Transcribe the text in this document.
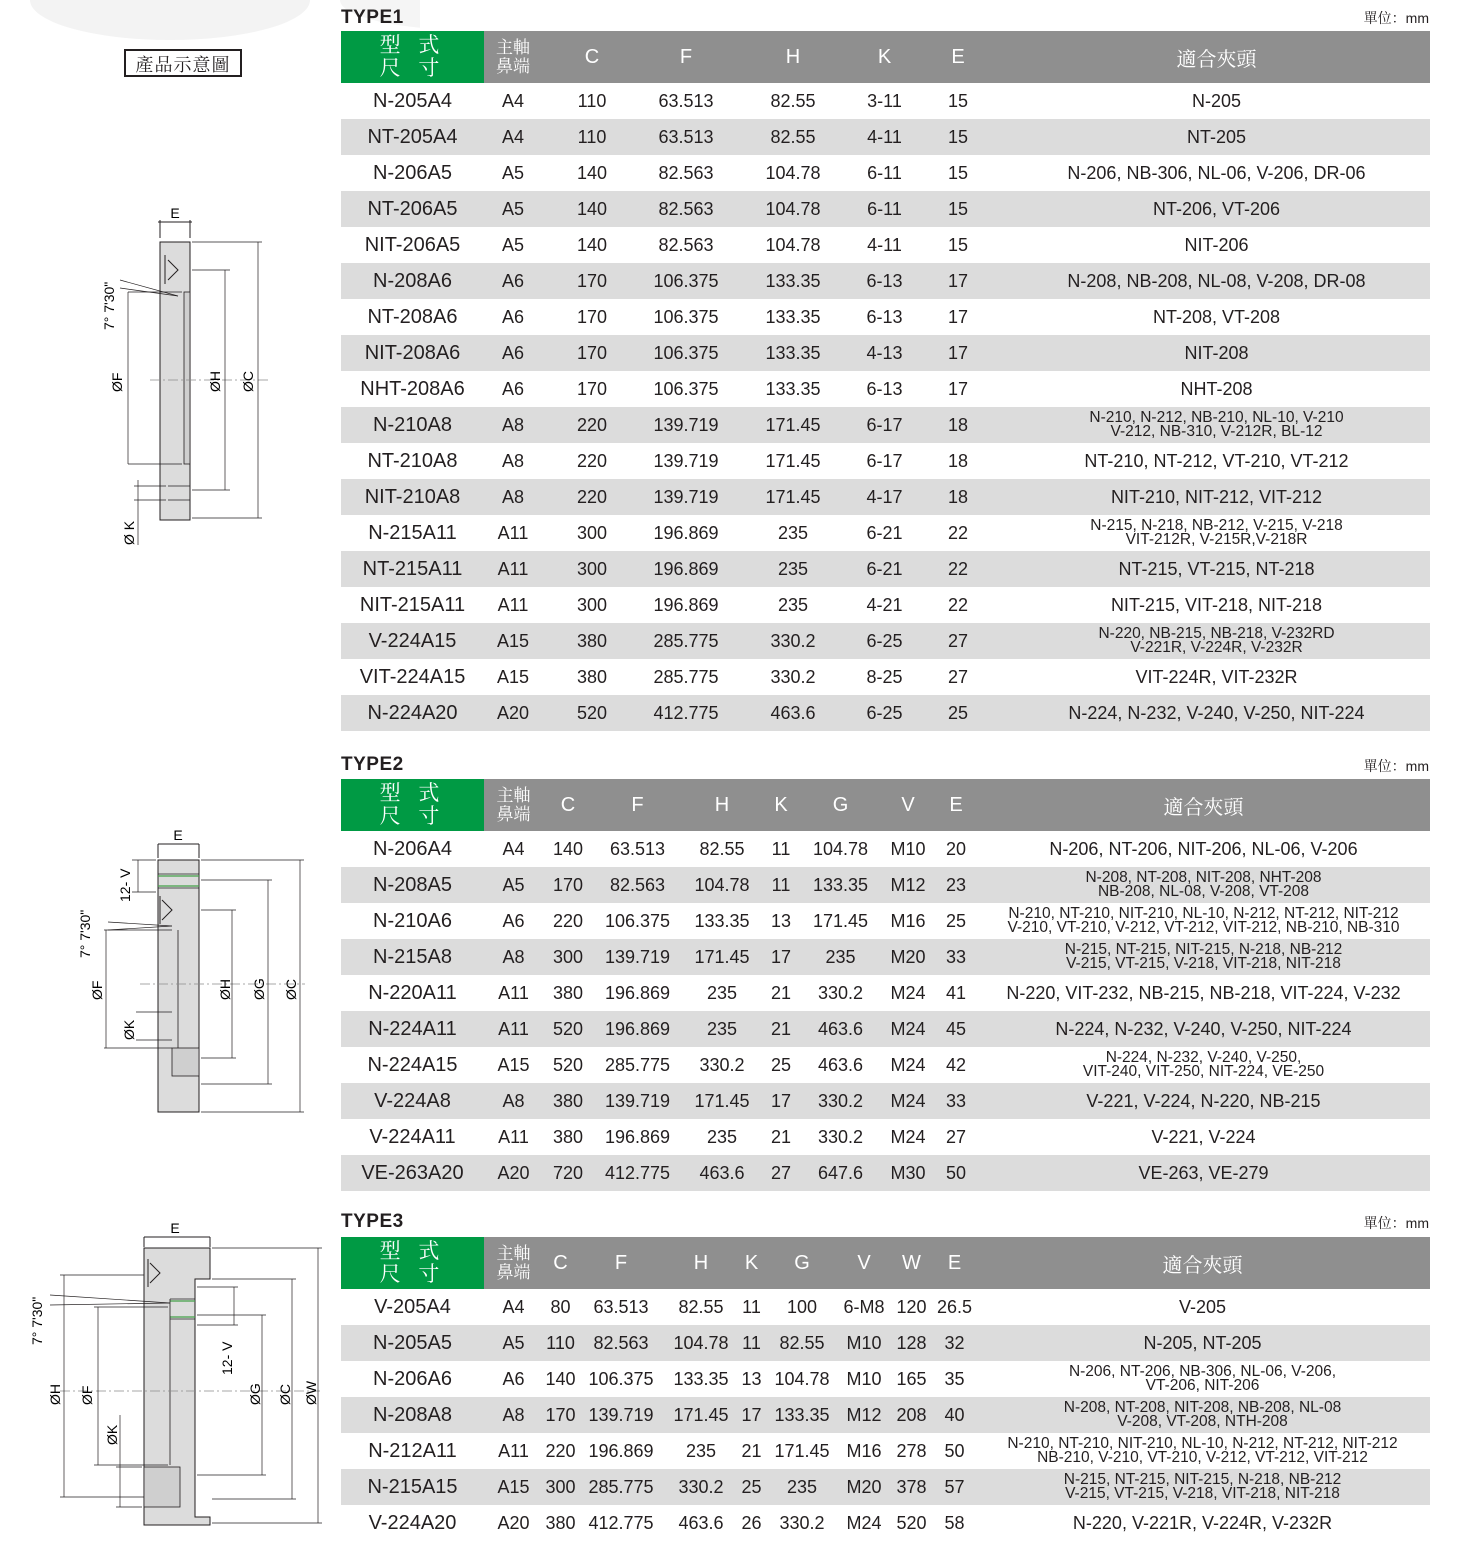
產品示意圖
E
7° 7'30"
ØF	ØH ØC
Ø K
E
12- V
7° 7'30"
ØF
ØK
ØH ØG ØC
E
7° 7'30"
ØH ØF
ØK
12- V
ØG ØC ØW
TYPE1	單位：mm
型 式
尺 寸	主軸
鼻端	C	F	H	K	E	適合夾頭
N-205A4	A4	110	63.513	82.55	3-11	15	N-205
NT-205A4	A4	110	63.513	82.55	4-11	15	NT-205
N-206A5	A5	140	82.563	104.78	6-11	15	N-206, NB-306, NL-06, V-206, DR-06
NT-206A5	A5	140	82.563	104.78	6-11	15	NT-206, VT-206
NIT-206A5	A5	140	82.563	104.78	4-11	15	NIT-206
N-208A6	A6	170	106.375	133.35	6-13	17	N-208, NB-208, NL-08, V-208, DR-08
NT-208A6	A6	170	106.375	133.35	6-13	17	NT-208, VT-208
NIT-208A6	A6	170	106.375	133.35	4-13	17	NIT-208
NHT-208A6	A6	170	106.375	133.35	6-13	17	NHT-208
N-210A8	A8	220	139.719	171.45	6-17	18	N-210, N-212, NB-210, NL-10, V-210
V-212, NB-310, V-212R, BL-12
NT-210A8	A8	220	139.719	171.45	6-17	18	NT-210, NT-212, VT-210, VT-212
NIT-210A8	A8	220	139.719	171.45	4-17	18	NIT-210, NIT-212, VIT-212
N-215A11	A11	300	196.869	235	6-21	22	N-215, N-218, NB-212, V-215, V-218
VIT-212R, V-215R,V-218R
NT-215A11	A11	300	196.869	235	6-21	22	NT-215, VT-215, NT-218
NIT-215A11	A11	300	196.869	235	4-21	22	NIT-215, VIT-218, NIT-218
V-224A15	A15	380	285.775	330.2	6-25	27	N-220, NB-215, NB-218, V-232RD
V-221R, V-224R, V-232R
VIT-224A15	A15	380	285.775	330.2	8-25	27	VIT-224R, VIT-232R
N-224A20	A20	520	412.775	463.6	6-25	25	N-224, N-232, V-240, V-250, NIT-224
TYPE2	單位：mm
型 式
尺 寸	主軸
鼻端	C	F	H	K	G	V	E	適合夾頭
N-206A4	A4	140	63.513	82.55	11	104.78	M10	20	N-206, NT-206, NIT-206, NL-06, V-206
N-208A5	A5	170	82.563	104.78	11	133.35	M12	23	N-208, NT-208, NIT-208, NHT-208
NB-208, NL-08, V-208, VT-208
N-210A6	A6	220	106.375	133.35	13	171.45	M16	25	N-210, NT-210, NIT-210, NL-10, N-212, NT-212, NIT-212
V-210, VT-210, V-212, VT-212, VIT-212, NB-210, NB-310
N-215A8	A8	300	139.719	171.45	17	235	M20	33	N-215, NT-215, NIT-215, N-218, NB-212
V-215, VT-215, V-218, VIT-218, NIT-218
N-220A11	A11	380	196.869	235	21	330.2	M24	41	N-220, VIT-232, NB-215, NB-218, VIT-224, V-232
N-224A11	A11	520	196.869	235	21	463.6	M24	45	N-224, N-232, V-240, V-250, NIT-224
N-224A15	A15	520	285.775	330.2	25	463.6	M24	42	N-224, N-232, V-240, V-250,
VIT-240, VIT-250, NIT-224, VE-250
V-224A8	A8	380	139.719	171.45	17	330.2	M24	33	V-221, V-224, N-220, NB-215
V-224A11	A11	380	196.869	235	21	330.2	M24	27	V-221, V-224
VE-263A20	A20	720	412.775	463.6	27	647.6	M30	50	VE-263, VE-279
TYPE3	單位：mm
型 式
尺 寸	主軸
鼻端	C	F	H	K	G	V	W	E	適合夾頭
V-205A4	A4	80	63.513	82.55	11	100	6-M8	120	26.5	V-205
N-205A5	A5	110	82.563	104.78	11	82.55	M10	128	32	N-205, NT-205
N-206A6	A6	140	106.375	133.35	13	104.78	M10	165	35	N-206, NT-206, NB-306, NL-06, V-206,
VT-206, NIT-206
N-208A8	A8	170	139.719	171.45	17	133.35	M12	208	40	N-208, NT-208, NIT-208, NB-208, NL-08
V-208, VT-208, NTH-208
N-212A11	A11	220	196.869	235	21	171.45	M16	278	50	N-210, NT-210, NIT-210, NL-10, N-212, NT-212, NIT-212
NB-210, V-210, VT-210, V-212, VT-212, VIT-212
N-215A15	A15	300	285.775	330.2	25	235	M20	378	57	N-215, NT-215, NIT-215, N-218, NB-212
V-215, VT-215, V-218, VIT-218, NIT-218
V-224A20	A20	380	412.775	463.6	26	330.2	M24	520	58	N-220, V-221R, V-224R, V-232R
